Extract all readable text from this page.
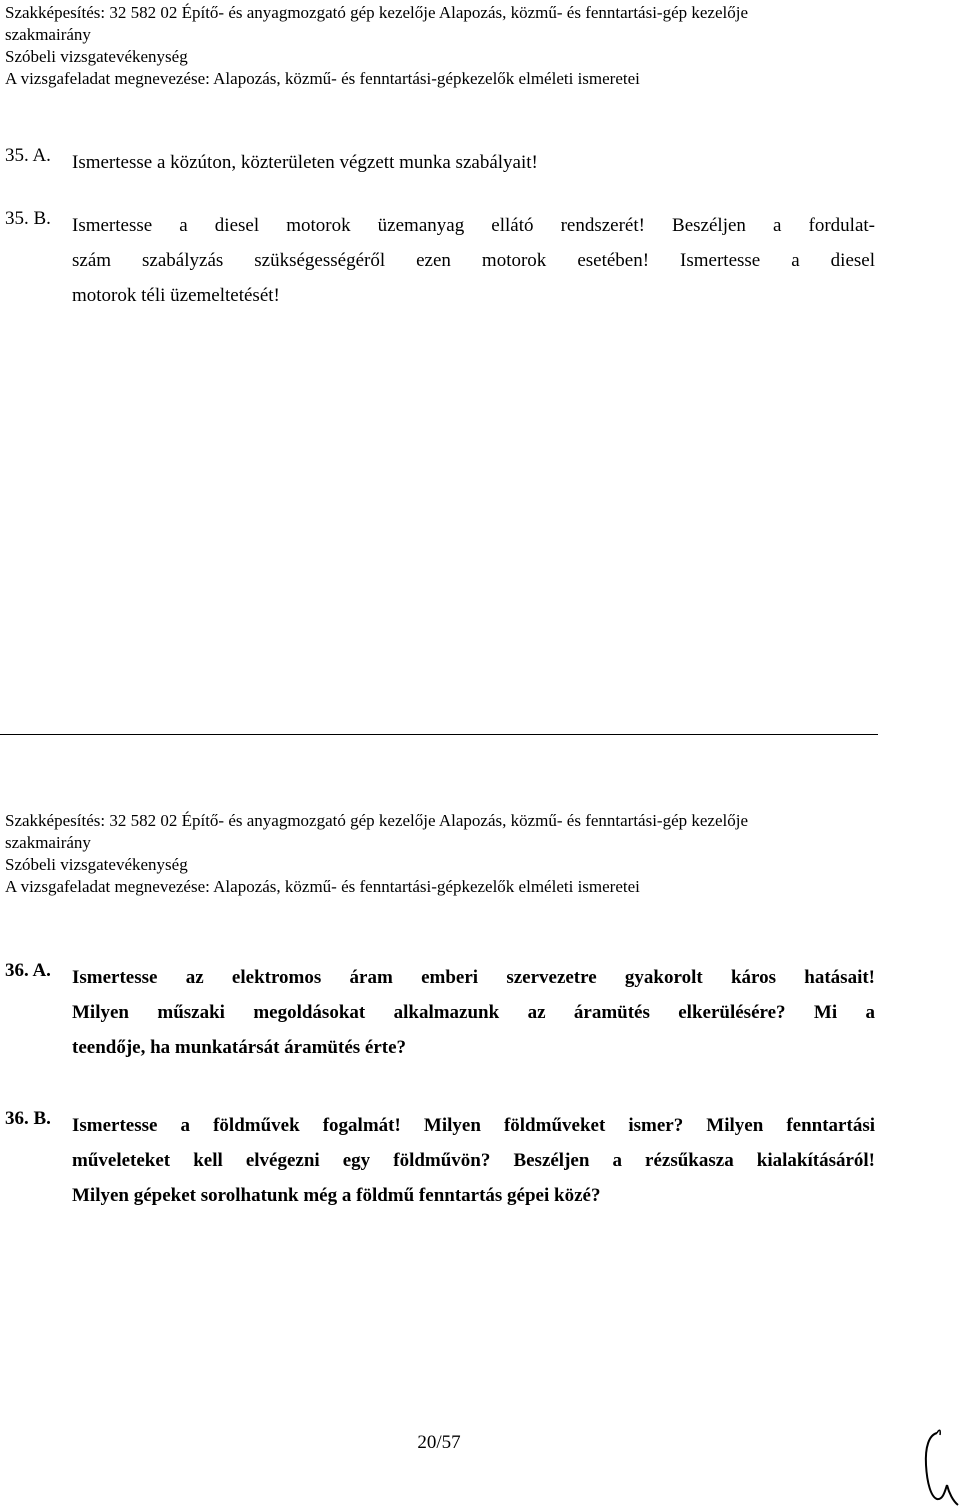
Szakképesítés: 32 582 02 Építő- és anyagmozgató gép kezelője Alapozás, közmű- és fenntartási-gép kezelője
szakmairány
Szóbeli vizsgatevékenység
A vizsgafeladat megnevezése: Alapozás, közmű- és fenntartási-gépkezelők elméleti ismeretei
35. A. Ismertesse a közúton, közterületen végzett munka szabályait!
35. B. Ismertesse a diesel motorok üzemanyag ellátó rendszerét! Beszéljen a fordulat-
szám szabályzás szükségességéről ezen motorok esetében! Ismertesse a diesel
motorok téli üzemeltetését!
Szakképesítés: 32 582 02 Építő- és anyagmozgató gép kezelője Alapozás, közmű- és fenntartási-gép kezelője
szakmairány
Szóbeli vizsgatevékenység
A vizsgafeladat megnevezése: Alapozás, közmű- és fenntartási-gépkezelők elméleti ismeretei
36. A. Ismertesse az elektromos áram emberi szervezetre gyakorolt káros hatásait!
Milyen műszaki megoldásokat alkalmazunk az áramütés elkerülésére? Mi a
teendője, ha munkatársát áramütés érte?
36. B. Ismertesse a földművek fogalmát! Milyen földműveket ismer? Milyen fenntartási
műveleteket kell elvégezni egy földművön? Beszéljen a rézsűkasza kialakításáról!
Milyen gépeket sorolhatunk még a földmű fenntartás gépei közé?
20/57
